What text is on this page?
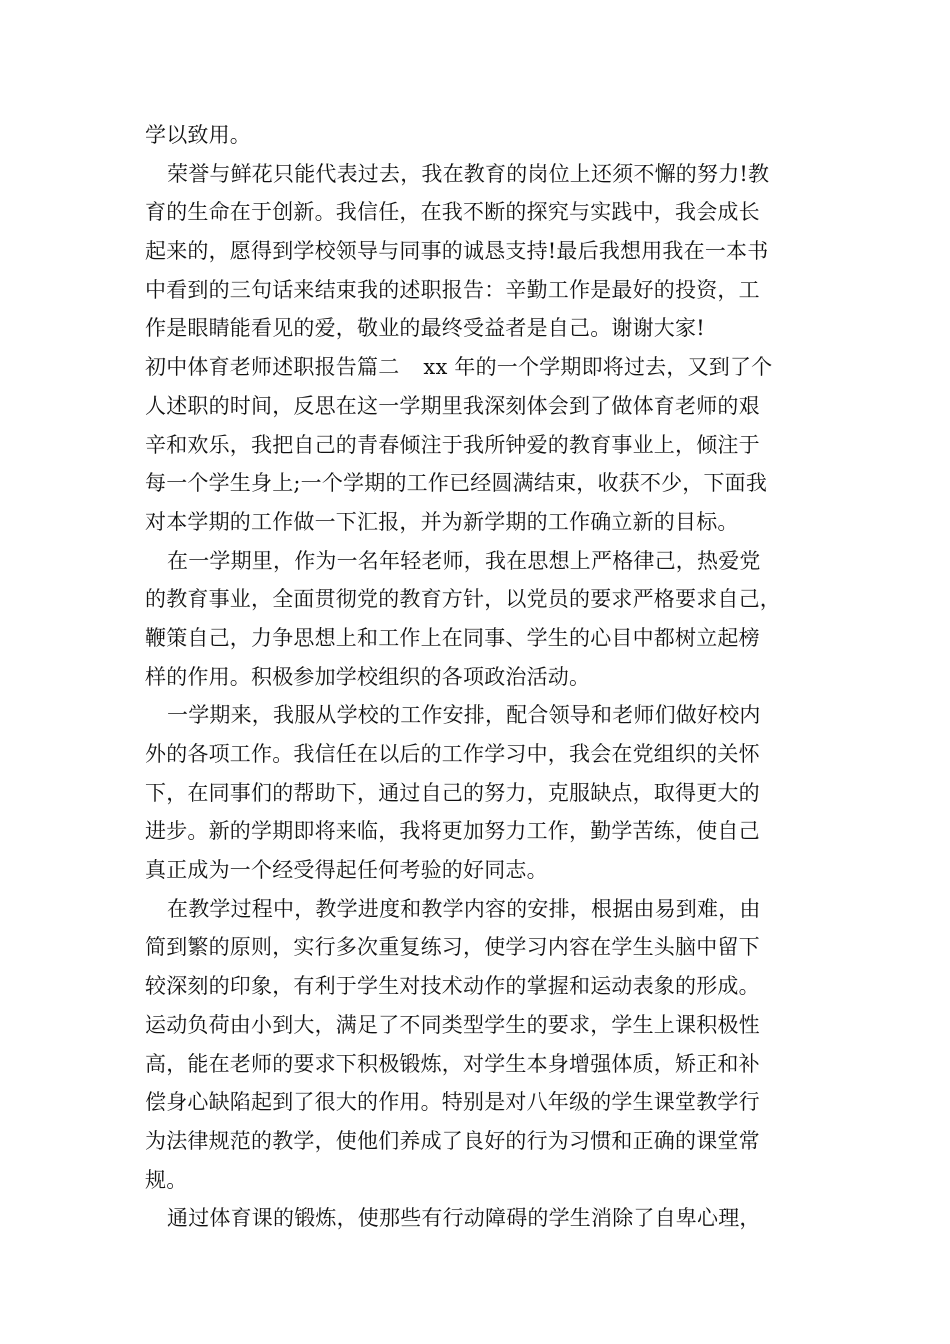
学以致用。
荣誉与鲜花只能代表过去，我在教育的岗位上还须不懈的努力!教
育的生命在于创新。我信任，在我不断的探究与实践中，我会成长
起来的，愿得到学校领导与同事的诚恳支持!最后我想用我在一本书
中看到的三句话来结束我的述职报告：辛勤工作是最好的投资，工
作是眼睛能看见的爱，敬业的最终受益者是自己。谢谢大家!
初中体育老师述职报告篇二 xx 年的一个学期即将过去，又到了个
人述职的时间，反思在这一学期里我深刻体会到了做体育老师的艰
辛和欢乐，我把自己的青春倾注于我所钟爱的教育事业上，倾注于
每一个学生身上;一个学期的工作已经圆满结束，收获不少，下面我
对本学期的工作做一下汇报，并为新学期的工作确立新的目标。
在一学期里，作为一名年轻老师，我在思想上严格律己，热爱党
的教育事业，全面贯彻党的教育方针，以党员的要求严格要求自己，
鞭策自己，力争思想上和工作上在同事、学生的心目中都树立起榜
样的作用。积极参加学校组织的各项政治活动。
一学期来，我服从学校的工作安排，配合领导和老师们做好校内
外的各项工作。我信任在以后的工作学习中，我会在党组织的关怀
下，在同事们的帮助下，通过自己的努力，克服缺点，取得更大的
进步。新的学期即将来临，我将更加努力工作，勤学苦练，使自己
真正成为一个经受得起任何考验的好同志。
在教学过程中，教学进度和教学内容的安排，根据由易到难，由
简到繁的原则，实行多次重复练习，使学习内容在学生头脑中留下
较深刻的印象，有利于学生对技术动作的掌握和运动表象的形成。
运动负荷由小到大，满足了不同类型学生的要求，学生上课积极性
高，能在老师的要求下积极锻炼，对学生本身增强体质，矫正和补
偿身心缺陷起到了很大的作用。特别是对八年级的学生课堂教学行
为法律规范的教学，使他们养成了良好的行为习惯和正确的课堂常
规。
通过体育课的锻炼，使那些有行动障碍的学生消除了自卑心理，
